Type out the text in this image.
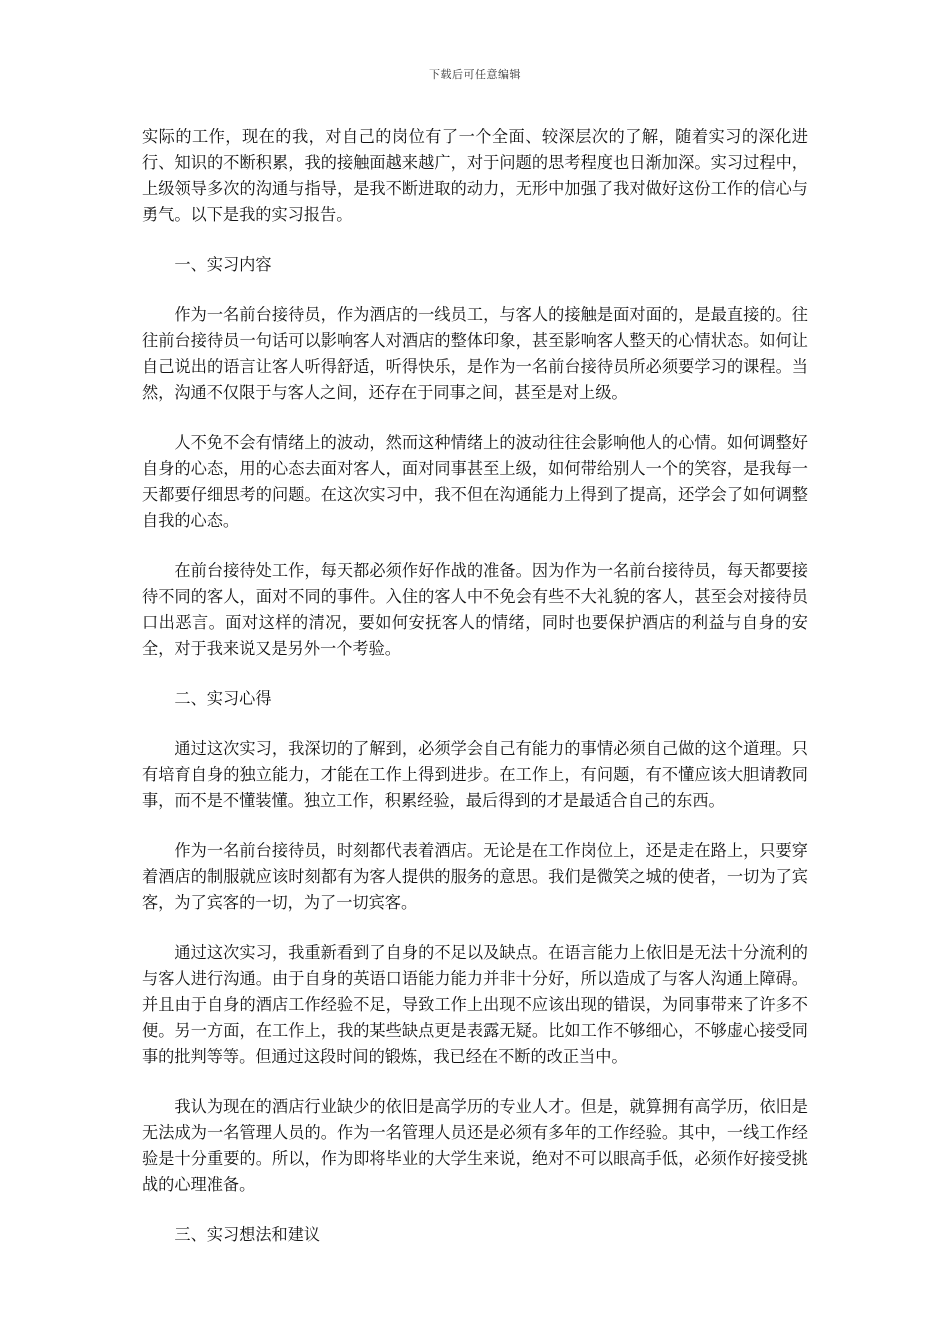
下载后可任意编辑

实际的工作，现在的我，对自己的岗位有了一个全面、较深层次的了解，随着实习的深化进行、知识的不断积累，我的接触面越来越广，对于问题的思考程度也日渐加深。实习过程中，上级领导多次的沟通与指导，是我不断进取的动力，无形中加强了我对做好这份工作的信心与勇气。以下是我的实习报告。

一、实习内容

作为一名前台接待员，作为酒店的一线员工，与客人的接触是面对面的，是最直接的。往往前台接待员一句话可以影响客人对酒店的整体印象，甚至影响客人整天的心情状态。如何让自己说出的语言让客人听得舒适，听得快乐，是作为一名前台接待员所必须要学习的课程。当然，沟通不仅限于与客人之间，还存在于同事之间，甚至是对上级。

人不免不会有情绪上的波动，然而这种情绪上的波动往往会影响他人的心情。如何调整好自身的心态，用的心态去面对客人，面对同事甚至上级，如何带给别人一个的笑容，是我每一天都要仔细思考的问题。在这次实习中，我不但在沟通能力上得到了提高，还学会了如何调整自我的心态。

在前台接待处工作，每天都必须作好作战的准备。因为作为一名前台接待员，每天都要接待不同的客人，面对不同的事件。入住的客人中不免会有些不大礼貌的客人，甚至会对接待员口出恶言。面对这样的清况，要如何安抚客人的情绪，同时也要保护酒店的利益与自身的安全，对于我来说又是另外一个考验。

二、实习心得

通过这次实习，我深切的了解到，必须学会自己有能力的事情必须自己做的这个道理。只有培育自身的独立能力，才能在工作上得到进步。在工作上，有问题，有不懂应该大胆请教同事，而不是不懂装懂。独立工作，积累经验，最后得到的才是最适合自己的东西。

作为一名前台接待员，时刻都代表着酒店。无论是在工作岗位上，还是走在路上，只要穿着酒店的制服就应该时刻都有为客人提供的服务的意思。我们是微笑之城的使者，一切为了宾客，为了宾客的一切，为了一切宾客。

通过这次实习，我重新看到了自身的不足以及缺点。在语言能力上依旧是无法十分流利的与客人进行沟通。由于自身的英语口语能力能力并非十分好，所以造成了与客人沟通上障碍。并且由于自身的酒店工作经验不足，导致工作上出现不应该出现的错误，为同事带来了许多不便。另一方面，在工作上，我的某些缺点更是表露无疑。比如工作不够细心，不够虚心接受同事的批判等等。但通过这段时间的锻炼，我已经在不断的改正当中。

我认为现在的酒店行业缺少的依旧是高学历的专业人才。但是，就算拥有高学历，依旧是无法成为一名管理人员的。作为一名管理人员还是必须有多年的工作经验。其中，一线工作经验是十分重要的。所以，作为即将毕业的大学生来说，绝对不可以眼高手低，必须作好接受挑战的心理准备。

三、实习想法和建议
